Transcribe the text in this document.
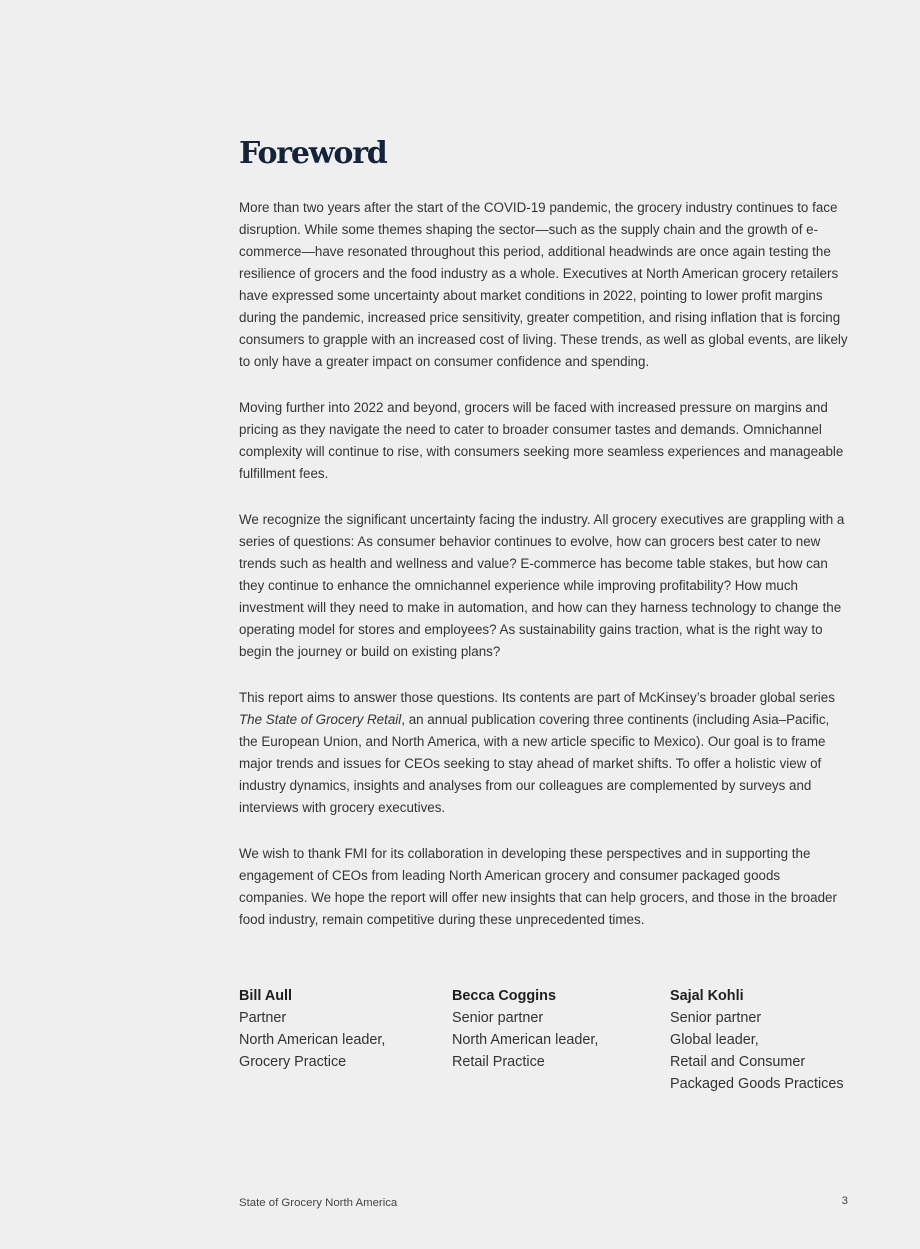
Foreword

More than two years after the start of the COVID-19 pandemic, the grocery industry continues to face disruption. While some themes shaping the sector—such as the supply chain and the growth of e-commerce—have resonated throughout this period, additional headwinds are once again testing the resilience of grocers and the food industry as a whole. Executives at North American grocery retailers have expressed some uncertainty about market conditions in 2022, pointing to lower profit margins during the pandemic, increased price sensitivity, greater competition, and rising inflation that is forcing consumers to grapple with an increased cost of living. These trends, as well as global events, are likely to only have a greater impact on consumer confidence and spending.

Moving further into 2022 and beyond, grocers will be faced with increased pressure on margins and pricing as they navigate the need to cater to broader consumer tastes and demands. Omnichannel complexity will continue to rise, with consumers seeking more seamless experiences and manageable fulfillment fees.

We recognize the significant uncertainty facing the industry. All grocery executives are grappling with a series of questions: As consumer behavior continues to evolve, how can grocers best cater to new trends such as health and wellness and value? E-commerce has become table stakes, but how can they continue to enhance the omnichannel experience while improving profitability? How much investment will they need to make in automation, and how can they harness technology to change the operating model for stores and employees? As sustainability gains traction, what is the right way to begin the journey or build on existing plans?

This report aims to answer those questions. Its contents are part of McKinsey’s broader global series The State of Grocery Retail, an annual publication covering three continents (including Asia–Pacific, the European Union, and North America, with a new article specific to Mexico). Our goal is to frame major trends and issues for CEOs seeking to stay ahead of market shifts. To offer a holistic view of industry dynamics, insights and analyses from our colleagues are complemented by surveys and interviews with grocery executives.

We wish to thank FMI for its collaboration in developing these perspectives and in supporting the engagement of CEOs from leading North American grocery and consumer packaged goods companies. We hope the report will offer new insights that can help grocers, and those in the broader food industry, remain competitive during these unprecedented times.

Bill Aull
Partner
North American leader,
Grocery Practice
Becca Coggins
Senior partner
North American leader,
Retail Practice
Sajal Kohli
Senior partner
Global leader,
Retail and Consumer
Packaged Goods Practices
State of Grocery North America	3
